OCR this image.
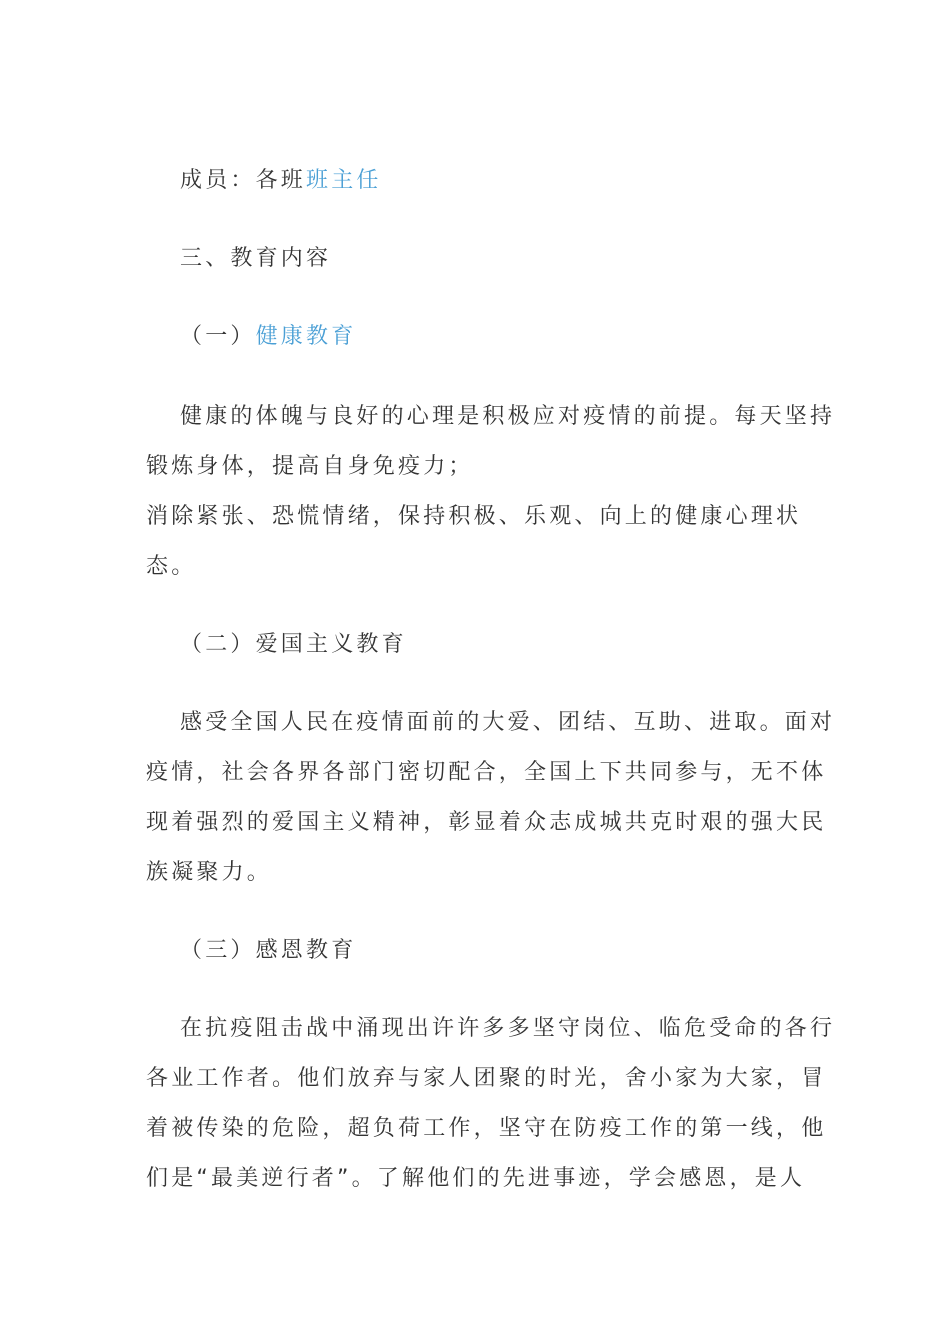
成员：各班班主任
三、教育内容
（一）健康教育
健康的体魄与良好的心理是积极应对疫情的前提。每天坚持
锻炼身体，提高自身免疫力；
消除紧张、恐慌情绪，保持积极、乐观、向上的健康心理状
态。
（二）爱国主义教育
感受全国人民在疫情面前的大爱、团结、互助、进取。面对
疫情，社会各界各部门密切配合，全国上下共同参与，无不体
现着强烈的爱国主义精神，彰显着众志成城共克时艰的强大民
族凝聚力。
（三）感恩教育
在抗疫阻击战中涌现出许许多多坚守岗位、临危受命的各行
各业工作者。他们放弃与家人团聚的时光，舍小家为大家，冒
着被传染的危险，超负荷工作，坚守在防疫工作的第一线，他
们是“最美逆行者”。了解他们的先进事迹，学会感恩，是人
